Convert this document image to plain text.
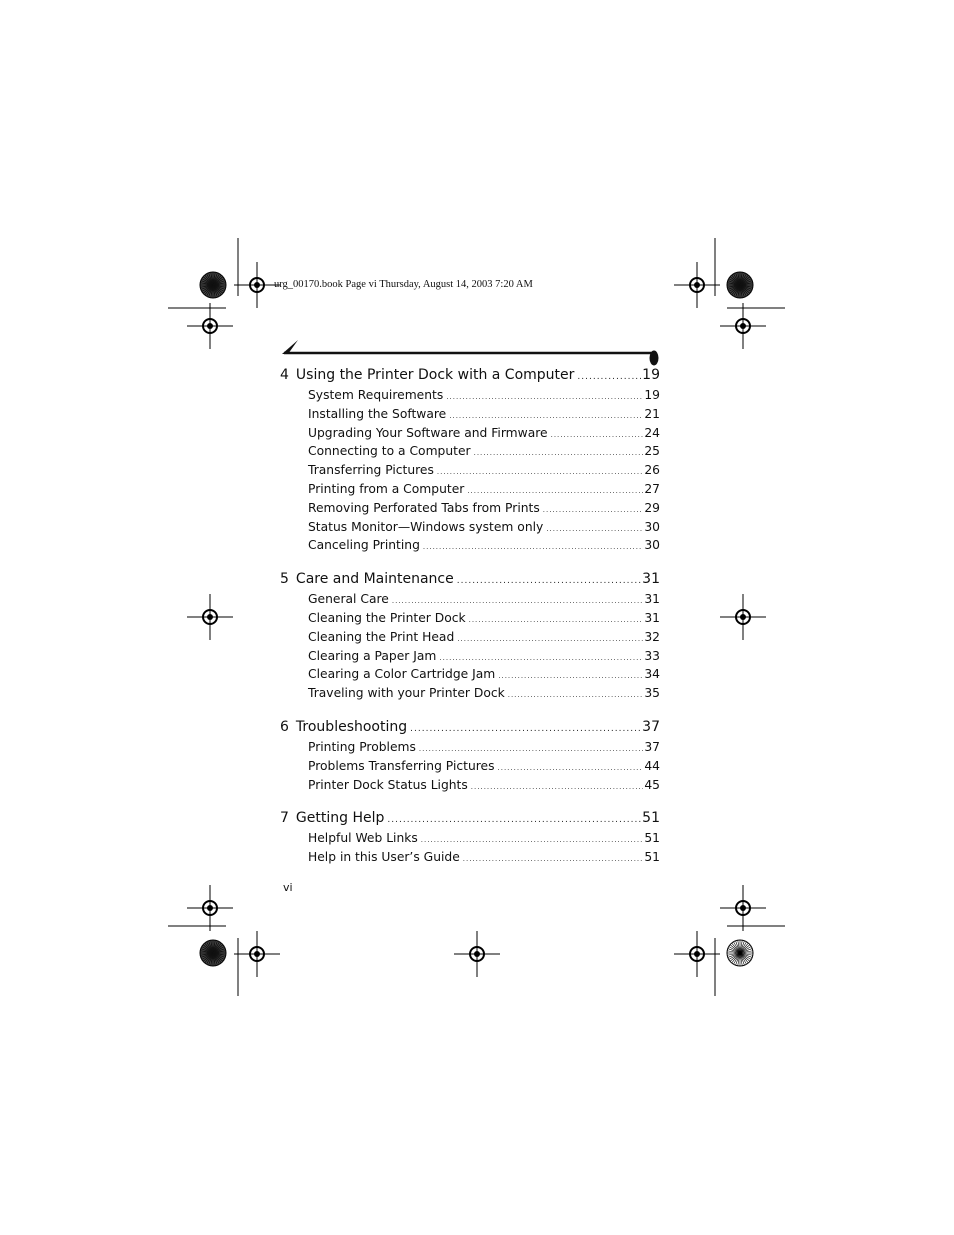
urg_00170.book Page vi Thursday, August 14, 2003 7:20 AM
4 Using the Printer Dock with a Computer .....	19
System Requirements .....	19
Installing the Software .....	21
Upgrading Your Software and Firmware .....	24
Connecting to a Computer .....	25
Transferring Pictures .....	26
Printing from a Computer .....	27
Removing Perforated Tabs from Prints .....	29
Status Monitor—Windows system only .....	30
Canceling Printing .....	30
5 Care and Maintenance .....	31
General Care .....	31
Cleaning the Printer Dock .....	31
Cleaning the Print Head .....	32
Clearing a Paper Jam .....	33
Clearing a Color Cartridge Jam .....	34
Traveling with your Printer Dock .....	35
6 Troubleshooting .....	37
Printing Problems .....	37
Problems Transferring Pictures .....	44
Printer Dock Status Lights .....	45
7 Getting Help .....	51
Helpful Web Links .....	51
Help in this User’s Guide .....	51
vi
